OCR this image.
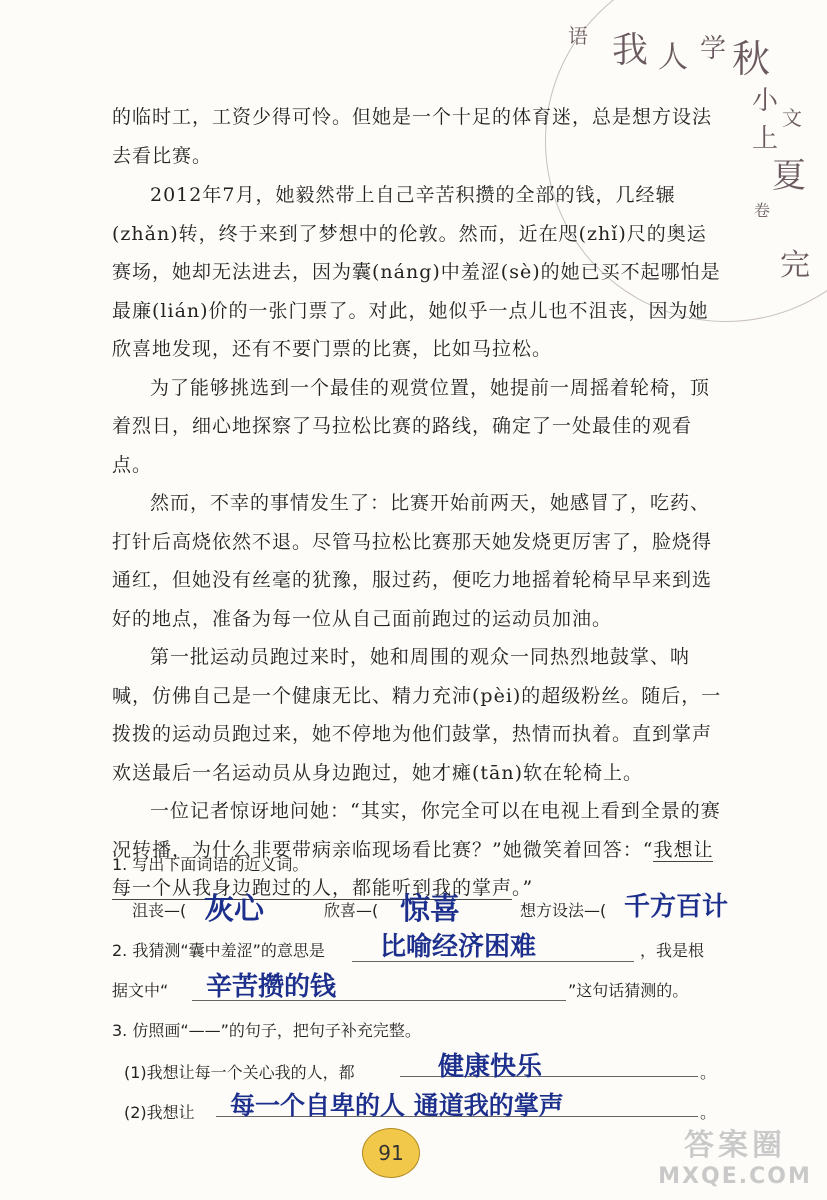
语 我 人 学 秋
小
文
上
夏
卷
完

的临时工，工资少得可怜。但她是一个十足的体育迷，总是想方设法去看比赛。

2012年7月，她毅然带上自己辛苦积攒的全部的钱，几经辗(zhǎn)转，终于来到了梦想中的伦敦。然而，近在咫(zhǐ)尺的奥运赛场，她却无法进去，因为囊(náng)中羞涩(sè)的她已买不起哪怕是最廉(lián)价的一张门票了。对此，她似乎一点儿也不沮丧，因为她欣喜地发现，还有不要门票的比赛，比如马拉松。

为了能够挑选到一个最佳的观赏位置，她提前一周摇着轮椅，顶着烈日，细心地探察了马拉松比赛的路线，确定了一处最佳的观看点。

然而，不幸的事情发生了：比赛开始前两天，她感冒了，吃药、打针后高烧依然不退。尽管马拉松比赛那天她发烧更厉害了，脸烧得通红，但她没有丝毫的犹豫，服过药，便吃力地摇着轮椅早早来到选好的地点，准备为每一位从自己面前跑过的运动员加油。

第一批运动员跑过来时，她和周围的观众一同热烈地鼓掌、呐喊，仿佛自己是一个健康无比、精力充沛(pèi)的超级粉丝。随后，一拨拨的运动员跑过来，她不停地为他们鼓掌，热情而执着。直到掌声欢送最后一名运动员从身边跑过，她才瘫(tān)软在轮椅上。

一位记者惊讶地问她：“其实，你完全可以在电视上看到全景的赛况转播，为什么非要带病亲临现场看比赛？”她微笑着回答：“我想让每一个从我身边跑过的人，都能听到我的掌声。”

1. 写出下面词语的近义词。
沮丧—( 灰心	欣喜—( 惊喜	想方设法—( 千方百计
2. 我猜测“囊中羞涩”的意思是 比喻经济困难	，我是根
据文中“ 辛苦攒的钱	”这句话猜测的。
3. 仿照画“——”的句子，把句子补充完整。
(1)我想让每一个关心我的人，都	健康快乐	。
(2)我想让 每一个自卑的人 通道我的掌声	。
91	答案圈
MXQE.COM
